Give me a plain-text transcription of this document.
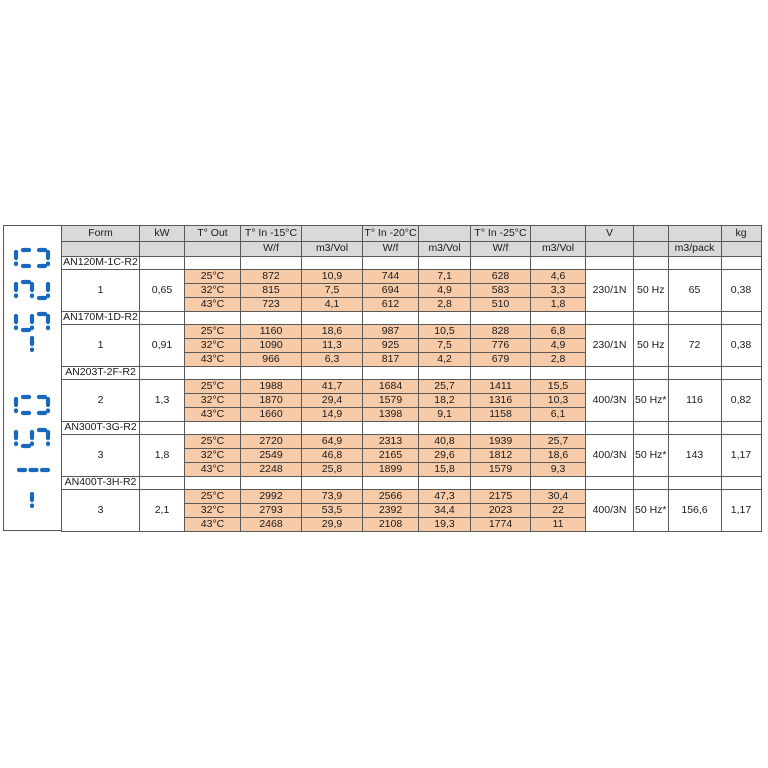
Form	kW	T° Out	T° In -15°C		T° In -20°C		T° In -25°C		V			kg
			W/f	m3/Vol	W/f	m3/Vol	W/f	m3/Vol			m3/pack	
AN120M-1C-R2												
1	0,65	25°C	872	10,9	744	7,1	628	4,6	230/1N	50 Hz	65	0,38
		32°C	815	7,5	694	4,9	583	3,3				
		43°C	723	4,1	612	2,8	510	1,8				
AN170M-1D-R2												
1	0,91	25°C	1160	18,6	987	10,5	828	6,8	230/1N	50 Hz	72	0,38
		32°C	1090	11,3	925	7,5	776	4,9				
		43°C	966	6,3	817	4,2	679	2,8				
AN203T-2F-R2												
2	1,3	25°C	1988	41,7	1684	25,7	1411	15,5	400/3N	50 Hz*	116	0,82
		32°C	1870	29,4	1579	18,2	1316	10,3				
		43°C	1660	14,9	1398	9,1	1158	6,1				
AN300T-3G-R2												
3	1,8	25°C	2720	64,9	2313	40,8	1939	25,7	400/3N	50 Hz*	143	1,17
		32°C	2549	46,8	2165	29,6	1812	18,6				
		43°C	2248	25,8	1899	15,8	1579	9,3				
AN400T-3H-R2												
3	2,1	25°C	2992	73,9	2566	47,3	2175	30,4	400/3N	50 Hz*	156,6	1,17
		32°C	2793	53,5	2392	34,4	2023	22				
		43°C	2468	29,9	2108	19,3	1774	11				
